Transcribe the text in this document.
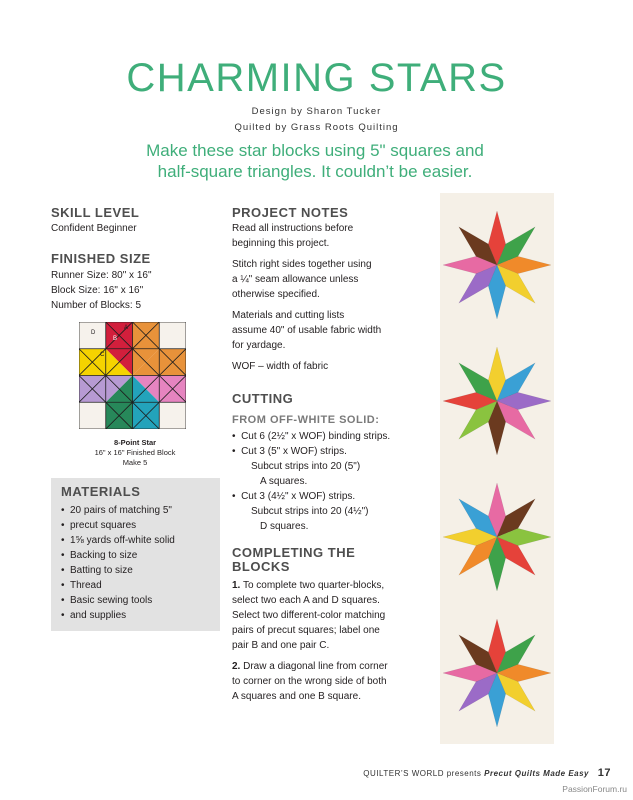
CHARMING STARS
Design by Sharon Tucker
Quilted by Grass Roots Quilting
Make these star blocks using 5" squares and
half-square triangles. It couldn’t be easier.
SKILL LEVEL
Confident Beginner
FINISHED SIZE
Runner Size: 80" x 16"
Block Size: 16" x 16"
Number of Blocks: 5
D
A
B
C
8-Point Star
16" x 16" Finished Block
Make 5
MATERIALS
• 20 pairs of matching 5"
• precut squares
• 1⅝ yards off-white solid
• Backing to size
• Batting to size
• Thread
• Basic sewing tools
• and supplies
PROJECT NOTES
Read all instructions before
beginning this project.
Stitch right sides together using
a ¼" seam allowance unless
otherwise specified.
Materials and cutting lists
assume 40" of usable fabric width
for yardage.
WOF – width of fabric
CUTTING
FROM OFF-WHITE SOLID:
•  Cut 6 (2½" x WOF) binding strips.
•  Cut 3 (5" x WOF) strips.
Subcut strips into 20 (5")
A squares.
•  Cut 3 (4½" x WOF) strips.
Subcut strips into 20 (4½")
D squares.
COMPLETING THE
BLOCKS
1. To complete two quarter-blocks,
select two each A and D squares.
Select two different-color matching
pairs of precut squares; label one
pair B and one pair C.
2. Draw a diagonal line from corner
to corner on the wrong side of both
A squares and one B square.
QUILTER’S WORLD presents Precut Quilts Made Easy 17
PassionForum.ru
